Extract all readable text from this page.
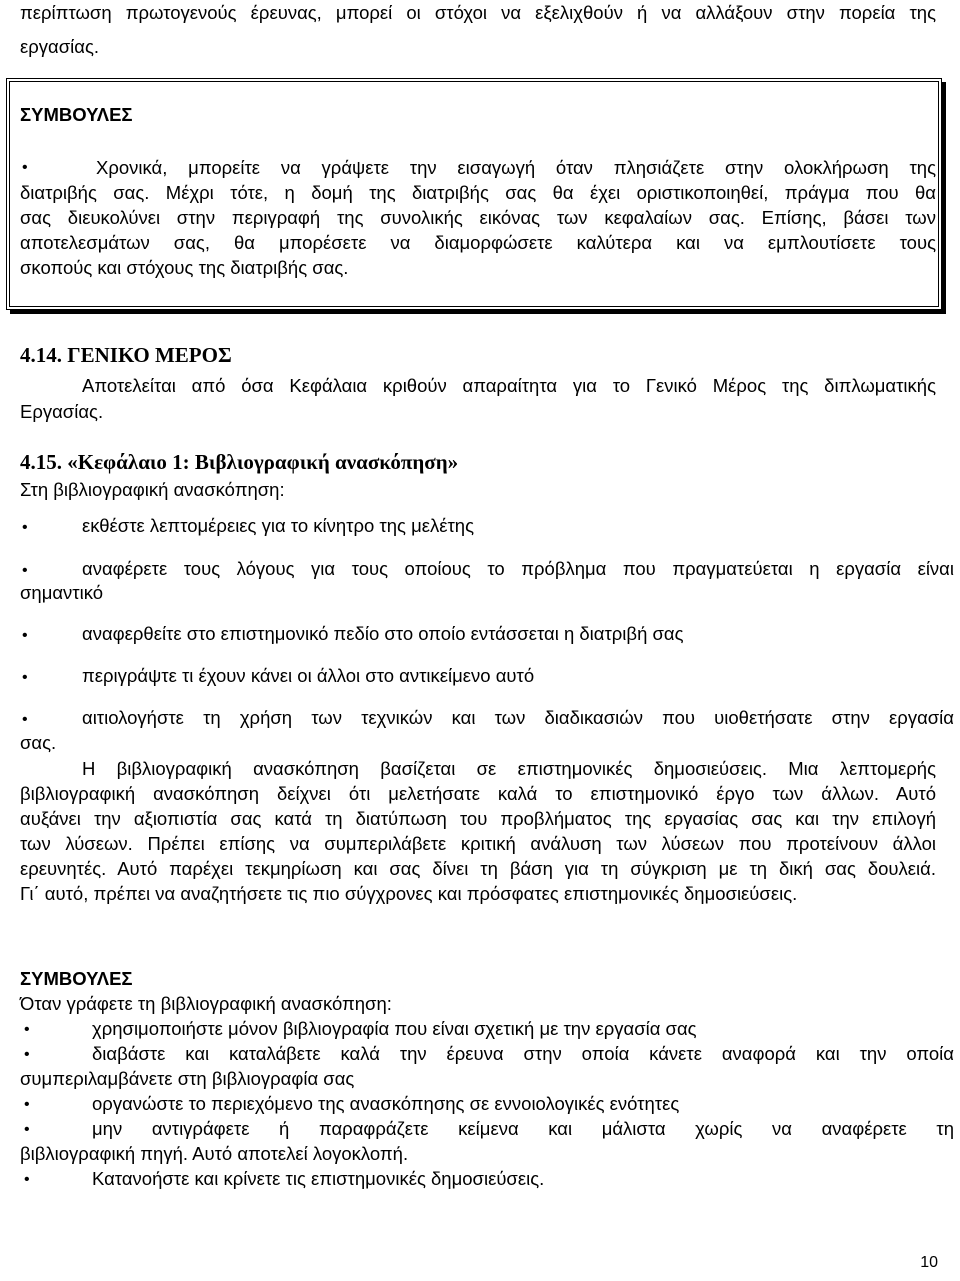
περίπτωση πρωτογενούς έρευνας, μπορεί οι στόχοι να εξελιχθούν ή να αλλάξουν στην πορεία της
εργασίας.
ΣΥΜΒΟΥΛΕΣ
•	Χρονικά, μπορείτε να γράψετε την εισαγωγή όταν πλησιάζετε στην ολοκλήρωση της
διατριβής σας. Μέχρι τότε, η δομή της διατριβής σας θα έχει οριστικοποιηθεί, πράγμα που θα
σας διευκολύνει στην περιγραφή της συνολικής εικόνας των κεφαλαίων σας. Επίσης, βάσει των
αποτελεσμάτων σας, θα μπορέσετε να διαμορφώσετε καλύτερα και να εμπλουτίσετε τους
σκοπούς και στόχους της διατριβής σας.
4.14. ΓΕΝΙΚΟ ΜΕΡΟΣ
Αποτελείται από όσα Κεφάλαια κριθούν απαραίτητα για το Γενικό Μέρος της διπλωματικής
Εργασίας.
4.15. «Κεφάλαιο 1: Βιβλιογραφική ανασκόπηση»
Στη βιβλιογραφική ανασκόπηση:
•	εκθέστε λεπτομέρειες για το κίνητρο της μελέτης
•	αναφέρετε τους λόγους για τους οποίους το πρόβλημα που πραγματεύεται η εργασία είναι
σημαντικό
•	αναφερθείτε στο επιστημονικό πεδίο στο οποίο εντάσσεται η διατριβή σας
•	περιγράψτε τι έχουν κάνει οι άλλοι στο αντικείμενο αυτό
•	αιτιολογήστε τη χρήση των τεχνικών και των διαδικασιών που υιοθετήσατε στην εργασία
σας.
Η βιβλιογραφική ανασκόπηση βασίζεται σε επιστημονικές δημοσιεύσεις. Μια λεπτομερής
βιβλιογραφική ανασκόπηση δείχνει ότι μελετήσατε καλά το επιστημονικό έργο των άλλων. Αυτό
αυξάνει την αξιοπιστία σας κατά τη διατύπωση του προβλήματος της εργασίας σας και την επιλογή
των λύσεων. Πρέπει επίσης να συμπεριλάβετε κριτική ανάλυση των λύσεων που προτείνουν άλλοι
ερευνητές. Αυτό παρέχει τεκμηρίωση και σας δίνει τη βάση για τη σύγκριση με τη δική σας δουλειά.
Γι΄ αυτό, πρέπει να αναζητήσετε τις πιο σύγχρονες και πρόσφατες επιστημονικές δημοσιεύσεις.
ΣΥΜΒΟΥΛΕΣ
Όταν γράφετε τη βιβλιογραφική ανασκόπηση:
•	χρησιμοποιήστε μόνον βιβλιογραφία που είναι σχετική με την εργασία σας
•	διαβάστε και καταλάβετε καλά την έρευνα στην οποία κάνετε αναφορά και την οποία
συμπεριλαμβάνετε στη βιβλιογραφία σας
•	οργανώστε το περιεχόμενο της ανασκόπησης σε εννοιολογικές ενότητες
•	μην αντιγράφετε ή παραφράζετε κείμενα και μάλιστα χωρίς να αναφέρετε τη
βιβλιογραφική πηγή. Αυτό αποτελεί λογοκλοπή.
•	Κατανοήστε και κρίνετε τις επιστημονικές δημοσιεύσεις.
10
